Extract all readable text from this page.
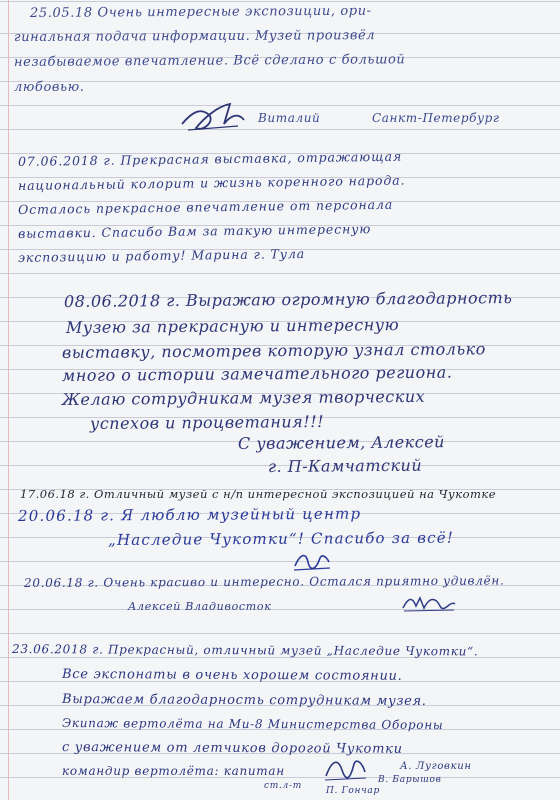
25.05.18 Очень интересные экспозиции, ори-
гинальная подача информации. Музей произвёл
незабываемое впечатление. Всё сделано с большой
любовью.
Виталий	Санкт-Петербург
07.06.2018 г. Прекрасная выставка, отражающая
национальный колорит и жизнь коренного народа.
Осталось прекрасное впечатление от персонала
выставки. Спасибо Вам за такую интересную
экспозицию и работу! Марина г. Тула
08.06.2018 г. Выражаю огромную благодарность
Музею за прекрасную и интересную
выставку, посмотрев которую узнал столько
много о истории замечательного региона.
Желаю сотрудникам музея творческих
успехов и процветания!!!
С уважением, Алексей
г. П-Камчатский
17.06.18 г. Отличный музей с н/п интересной экспозицией на Чукотке
20.06.18 г. Я люблю музейный центр
„Наследие Чукотки“! Спасибо за всё!
20.06.18 г. Очень красиво и интересно. Остался приятно удивлён.
Алексей Владивосток
23.06.2018 г. Прекрасный, отличный музей „Наследие Чукотки“.
Все экспонаты в очень хорошем состоянии.
Выражаем благодарность сотрудникам музея.
Экипаж вертолёта на Ми-8 Министерства Обороны
с уважением от летчиков дорогой Чукотки
командир вертолёта: капитан
ст.л-т
А. Луговкин
В. Барышов
П. Гончар
